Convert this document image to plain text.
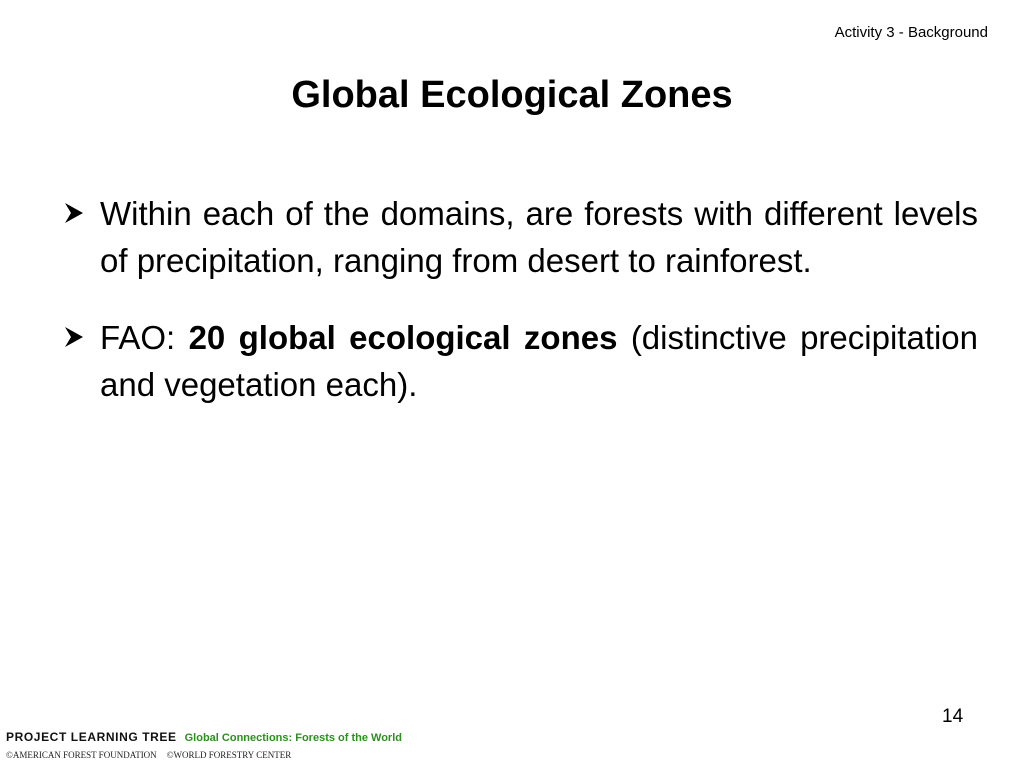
Activity 3 - Background
Global Ecological Zones
Within each of the domains, are forests with different levels of precipitation, ranging from desert to rainforest.
FAO: 20 global ecological zones (distinctive precipitation and vegetation each).
14
PROJECT LEARNING TREE Global Connections: Forests of the World
©AMERICAN FOREST FOUNDATION ©WORLD FORESTRY CENTER
